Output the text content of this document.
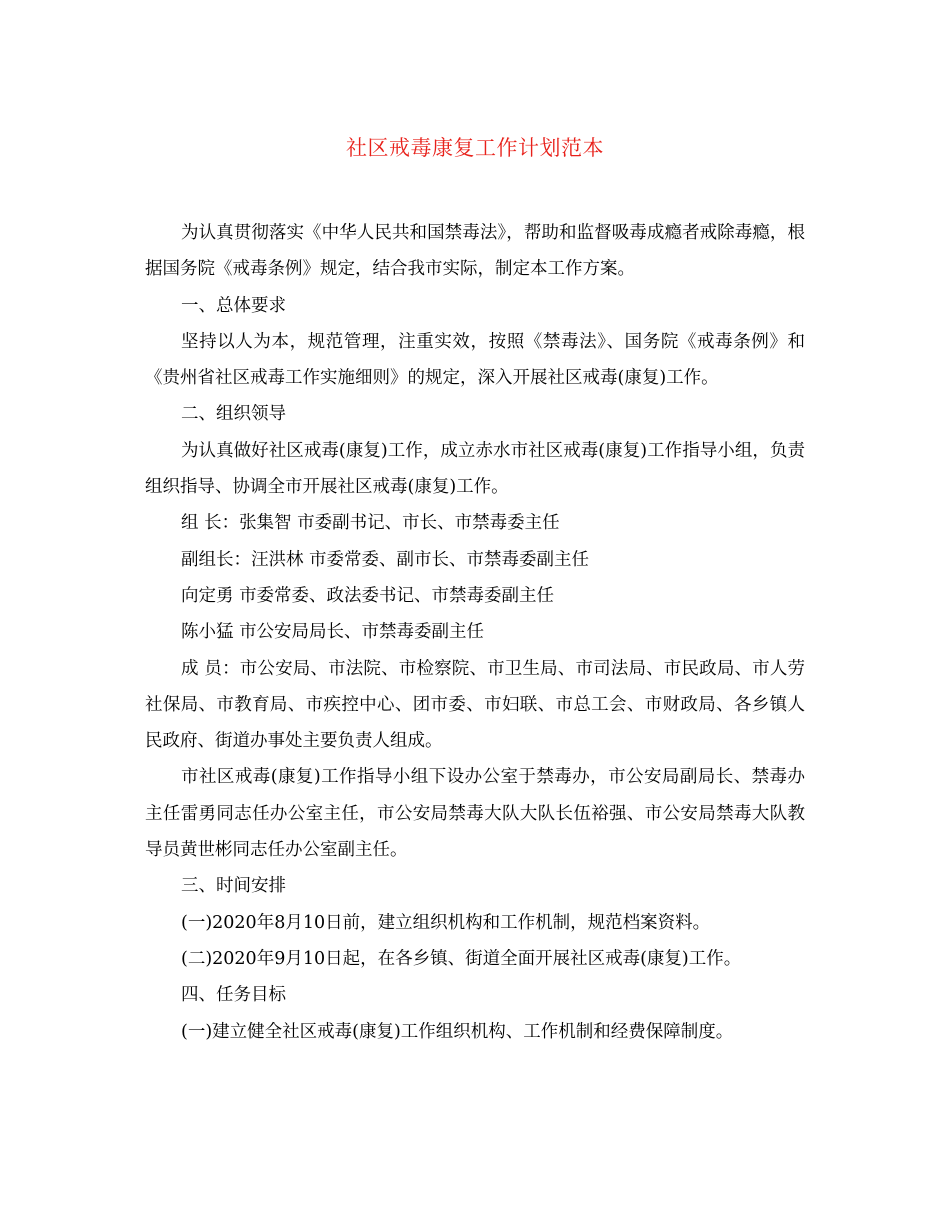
社区戒毒康复工作计划范本

为认真贯彻落实《中华人民共和国禁毒法》，帮助和监督吸毒成瘾者戒除毒瘾，根据国务院《戒毒条例》规定，结合我市实际，制定本工作方案。

一、总体要求

坚持以人为本，规范管理，注重实效，按照《禁毒法》、国务院《戒毒条例》和《贵州省社区戒毒工作实施细则》的规定，深入开展社区戒毒(康复)工作。

二、组织领导

为认真做好社区戒毒(康复)工作，成立赤水市社区戒毒(康复)工作指导小组，负责组织指导、协调全市开展社区戒毒(康复)工作。

组 长：张集智 市委副书记、市长、市禁毒委主任

副组长：汪洪林 市委常委、副市长、市禁毒委副主任

向定勇 市委常委、政法委书记、市禁毒委副主任

陈小猛 市公安局局长、市禁毒委副主任

成 员：市公安局、市法院、市检察院、市卫生局、市司法局、市民政局、市人劳社保局、市教育局、市疾控中心、团市委、市妇联、市总工会、市财政局、各乡镇人民政府、街道办事处主要负责人组成。

市社区戒毒(康复)工作指导小组下设办公室于禁毒办，市公安局副局长、禁毒办主任雷勇同志任办公室主任，市公安局禁毒大队大队长伍裕强、市公安局禁毒大队教导员黄世彬同志任办公室副主任。

三、时间安排

(一)2020年8月10日前，建立组织机构和工作机制，规范档案资料。

(二)2020年9月10日起，在各乡镇、街道全面开展社区戒毒(康复)工作。

四、任务目标

(一)建立健全社区戒毒(康复)工作组织机构、工作机制和经费保障制度。
